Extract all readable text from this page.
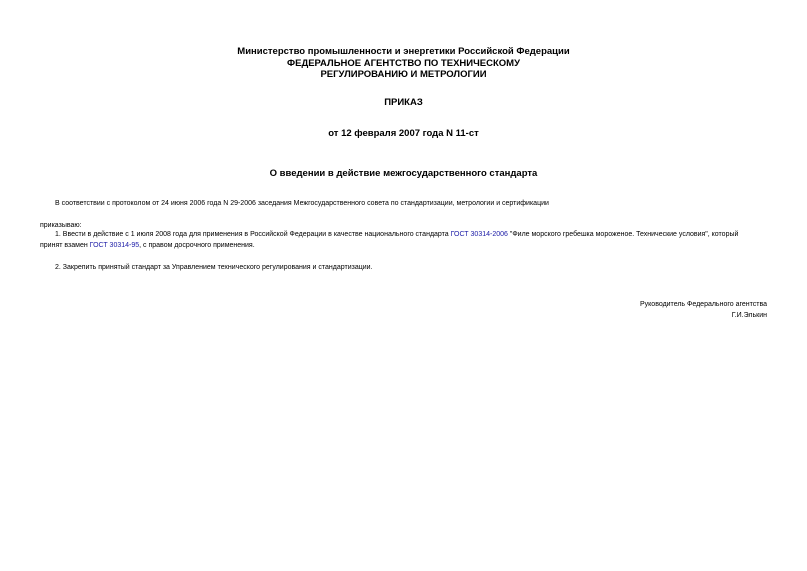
Министерство промышленности и энергетики Российской Федерации
ФЕДЕРАЛЬНОЕ АГЕНТСТВО ПО ТЕХНИЧЕСКОМУ
РЕГУЛИРОВАНИЮ И МЕТРОЛОГИИ
ПРИКАЗ
от 12 февраля 2007 года N 11-ст
О введении в действие межгосударственного стандарта
В соответствии с протоколом от 24 июня 2006 года N 29-2006 заседания Межгосударственного совета по стандартизации, метрологии и сертификации
приказываю:
1. Ввести в действие с 1 июля 2008 года для применения в Российской Федерации в качестве национального стандарта ГОСТ 30314-2006 "Филе морского гребешка мороженое. Технические условия", который
принят взамен ГОСТ 30314-95, с правом досрочного применения.
2. Закрепить принятый стандарт за Управлением технического регулирования и стандартизации.
Руководитель Федерального агентства
Г.И.Элькин
